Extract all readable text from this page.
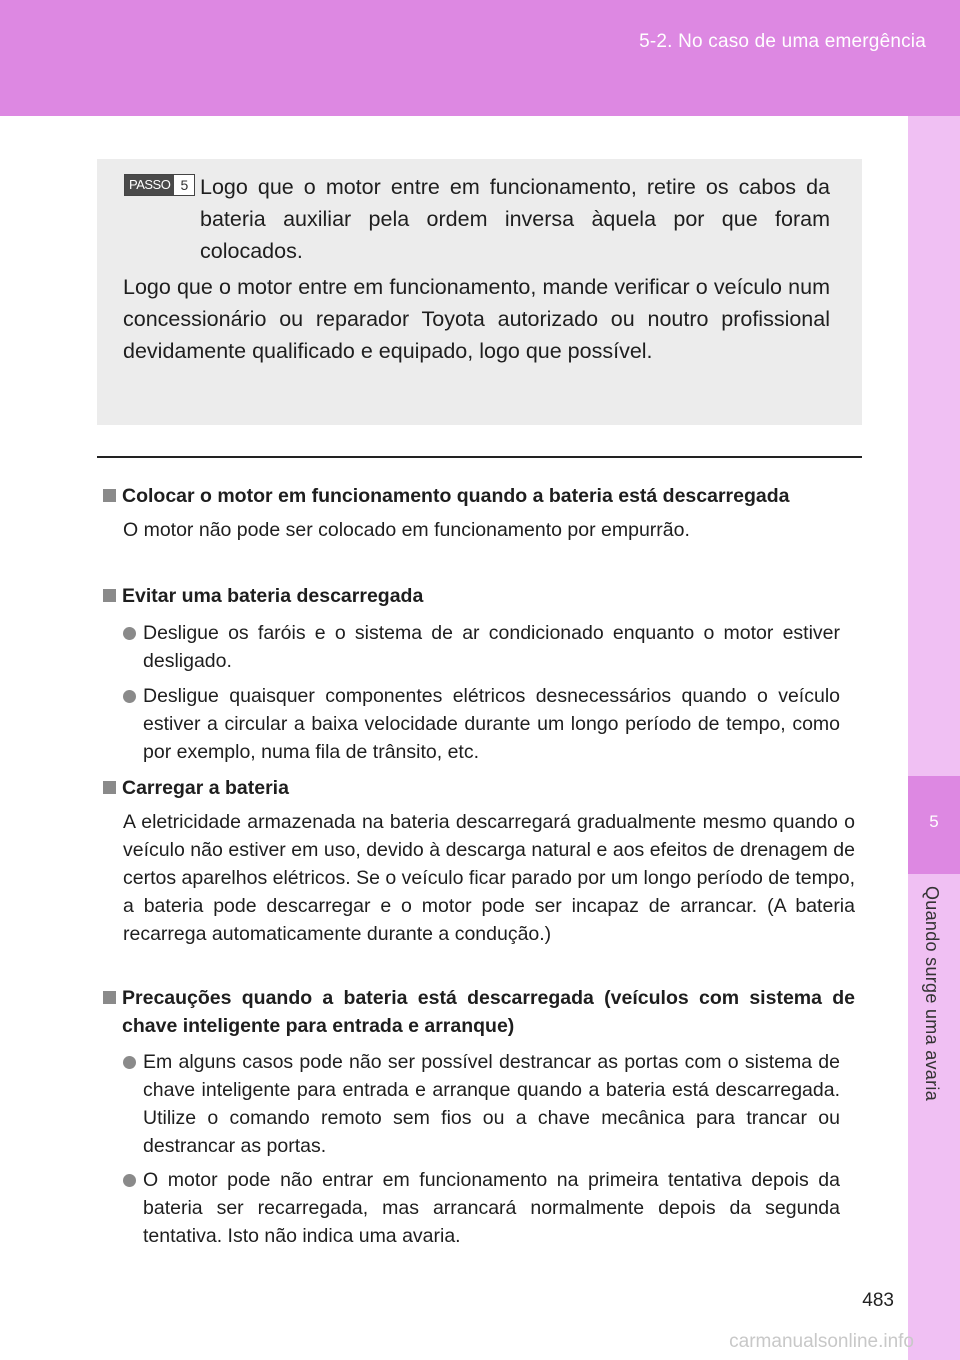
5-2. No caso de uma emergência
5
Quando surge uma avaria
PASSO 5 Logo que o motor entre em funcionamento, retire os cabos da bateria auxiliar pela ordem inversa àquela por que foram colocados.
Logo que o motor entre em funcionamento, mande verificar o veículo num concessionário ou reparador Toyota autorizado ou noutro profissional devidamente qualificado e equipado, logo que possível.
Colocar o motor em funcionamento quando a bateria está descarregada
O motor não pode ser colocado em funcionamento por empurrão.
Evitar uma bateria descarregada
Desligue os faróis e o sistema de ar condicionado enquanto o motor estiver desligado.
Desligue quaisquer componentes elétricos desnecessários quando o veículo estiver a circular a baixa velocidade durante um longo período de tempo, como por exemplo, numa fila de trânsito, etc.
Carregar a bateria
A eletricidade armazenada na bateria descarregará gradualmente mesmo quando o veículo não estiver em uso, devido à descarga natural e aos efeitos de drenagem de certos aparelhos elétricos. Se o veículo ficar parado por um longo período de tempo, a bateria pode descarregar e o motor pode ser incapaz de arrancar. (A bateria recarrega automaticamente durante a condução.)
Precauções quando a bateria está descarregada (veículos com sistema de chave inteligente para entrada e arranque)
Em alguns casos pode não ser possível destrancar as portas com o sistema de chave inteligente para entrada e arranque quando a bateria está descarregada. Utilize o comando remoto sem fios ou a chave mecânica para trancar ou destrancar as portas.
O motor pode não entrar em funcionamento na primeira tentativa depois da bateria ser recarregada, mas arrancará normalmente depois da segunda tentativa. Isto não indica uma avaria.
483
carmanualsonline.info
